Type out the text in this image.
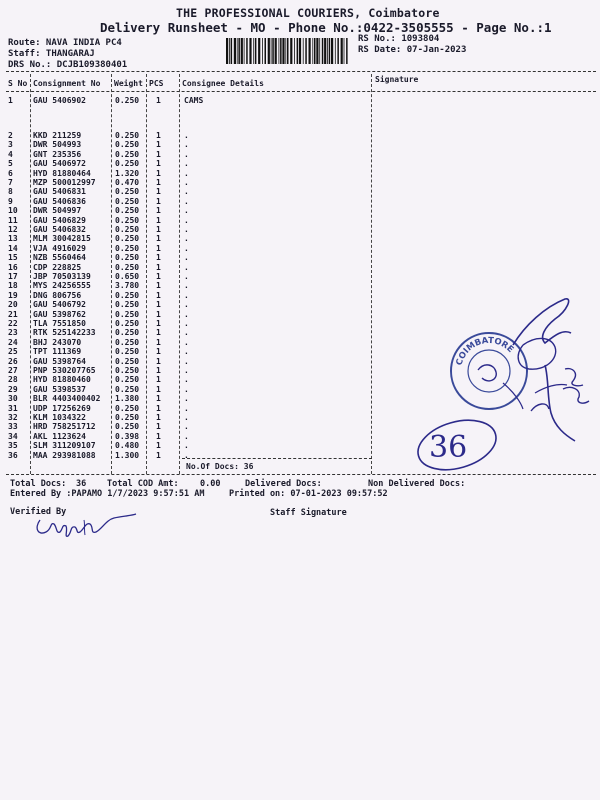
THE PROFESSIONAL COURIERS, Coimbatore
Delivery Runsheet - MO - Phone No.:0422-3505555 - Page No.:1
Route: NAVA INDIA PC4
Staff: THANGARAJ
DRS No.: DCJB109380401
RS No.: 1093804
RS Date: 07-Jan-2023
S No Consignment No Weight PCS Consignee Details	Signature
1	GAU 5406902	0.250 1	CAMS
2	KKD 211259	0.250 1	.
3	DWR 504993	0.250 1	.
4	GNT 235356	0.250 1	.
5	GAU 5406972	0.250 1	.
6	HYD 81880464	1.320 1	.
7	MZP 500012997 0.470 1	.
8	GAU 5406831	0.250 1	.
9	GAU 5406836	0.250 1	.
10 DWR 504997	0.250 1	.
11 GAU 5406829	0.250 1	.
12 GAU 5406832	0.250 1	.
13 MLM 30042815	0.250 1	.
14 VJA 4916029	0.250 1	.
15 NZB 5560464	0.250 1	.
16 CDP 228825	0.250 1	.
17 JBP 70503139	0.650 1	.
18 MYS 24256555	3.780 1	.
19 DNG 806756	0.250 1	.
20 GAU 5406792	0.250 1	.
21 GAU 5398762	0.250 1	.
22 TLA 7551850	0.250 1	.
23 RTK 525142233 0.250 1	.
24 BHJ 243070	0.250 1	.
25 TPT 111369	0.250 1	.
26 GAU 5398764	0.250 1	.
27 PNP 530207765 0.250 1	.
28 HYD 81880460	0.250 1	.
29 GAU 5398537	0.250 1	.
30 BLR 4403400402 1.380 1	.
31 UDP 17256269	0.250 1	.
32 KLM 1034322	0.250 1	.
33 HRD 758251712 0.250 1	.
34 AKL 1123624	0.398 1	.
35 SLM 311209107 0.480 1	.
36 MAA 293981088 1.300 1	.
No.Of Docs: 36
Total Docs: 36 Total COD Amt:	0.00	Delivered Docs:	Non Delivered Docs:
Entered By :PAPAMO 1/7/2023 9:57:51 AM	Printed on: 07-01-2023 09:57:52
Verified By	Staff Signature
COIMBATORE
36
